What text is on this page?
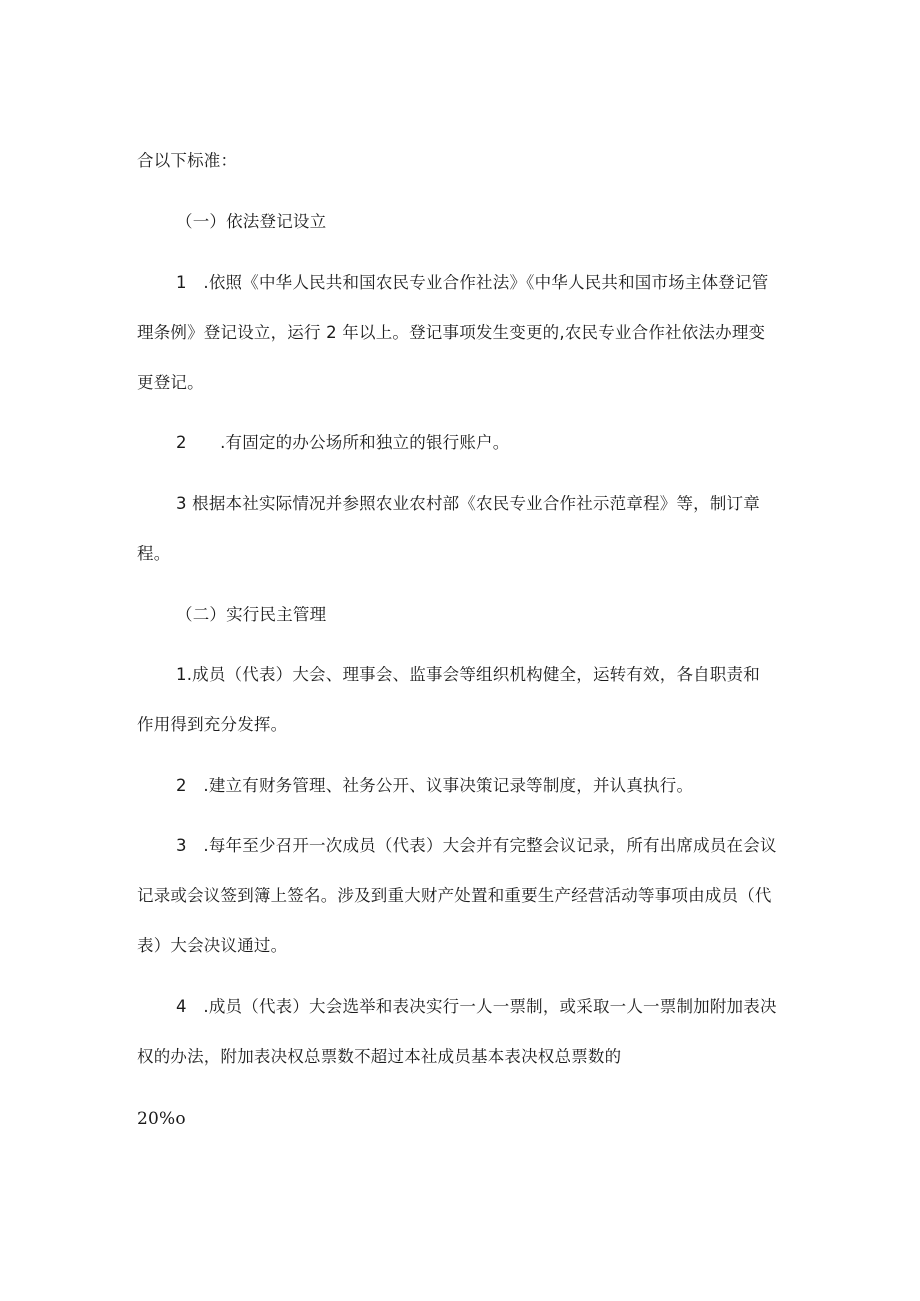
合以下标准：
（一）依法登记设立
1　.依照《中华人民共和国农民专业合作社法》《中华人民共和国市场主体登记管
理条例》登记设立，运行 2 年以上。登记事项发生变更的,农民专业合作社依法办理变
更登记。
2　　.有固定的办公场所和独立的银行账户。
3 根据本社实际情况并参照农业农村部《农民专业合作社示范章程》等，制订章
程。
（二）实行民主管理
1.成员（代表）大会、理事会、监事会等组织机构健全，运转有效，各自职责和
作用得到充分发挥。
2　.建立有财务管理、社务公开、议事决策记录等制度，并认真执行。
3　.每年至少召开一次成员（代表）大会并有完整会议记录，所有出席成员在会议
记录或会议签到簿上签名。涉及到重大财产处置和重要生产经营活动等事项由成员（代
表）大会决议通过。
4　.成员（代表）大会选举和表决实行一人一票制，或采取一人一票制加附加表决
权的办法，附加表决权总票数不超过本社成员基本表决权总票数的
20%o
